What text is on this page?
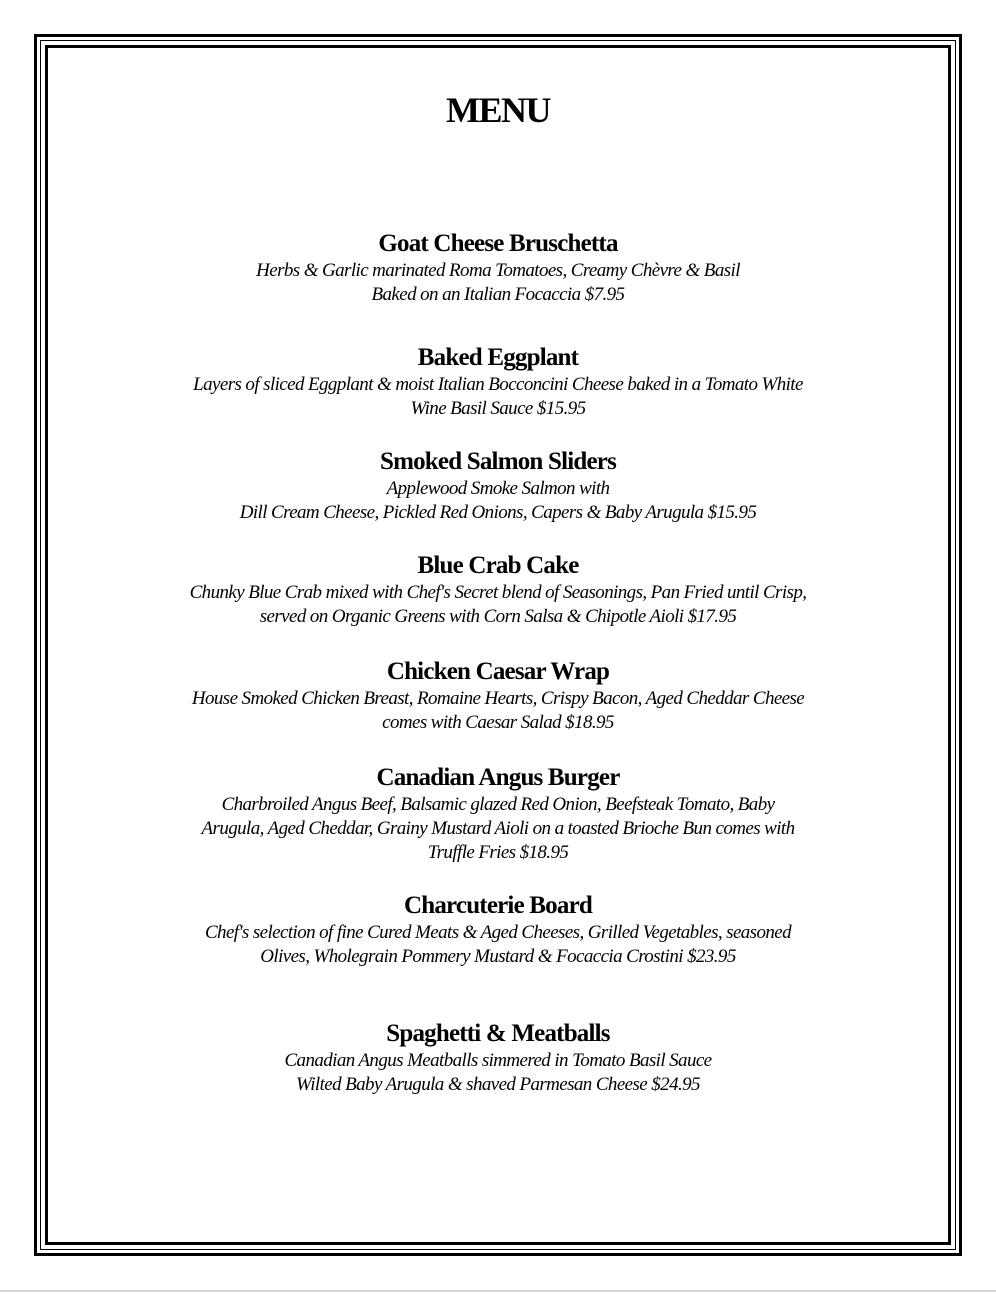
MENU

Goat Cheese Bruschetta

Herbs & Garlic marinated Roma Tomatoes, Creamy Chèvre & Basil
Baked on an Italian Focaccia $7.95

Baked Eggplant

Layers of sliced Eggplant & moist Italian Bocconcini Cheese baked in a Tomato White
Wine Basil Sauce $15.95

Smoked Salmon Sliders

Applewood Smoke Salmon with
Dill Cream Cheese, Pickled Red Onions, Capers & Baby Arugula $15.95

Blue Crab Cake

Chunky Blue Crab mixed with Chef's Secret blend of Seasonings, Pan Fried until Crisp,
served on Organic Greens with Corn Salsa & Chipotle Aioli $17.95

Chicken Caesar Wrap

House Smoked Chicken Breast, Romaine Hearts, Crispy Bacon, Aged Cheddar Cheese
comes with Caesar Salad $18.95

Canadian Angus Burger

Charbroiled Angus Beef, Balsamic glazed Red Onion, Beefsteak Tomato, Baby
Arugula, Aged Cheddar, Grainy Mustard Aioli on a toasted Brioche Bun comes with
Truffle Fries $18.95

Charcuterie Board

Chef's selection of fine Cured Meats & Aged Cheeses, Grilled Vegetables, seasoned
Olives, Wholegrain Pommery Mustard & Focaccia Crostini $23.95

Spaghetti & Meatballs

Canadian Angus Meatballs simmered in Tomato Basil Sauce
Wilted Baby Arugula & shaved Parmesan Cheese $24.95
